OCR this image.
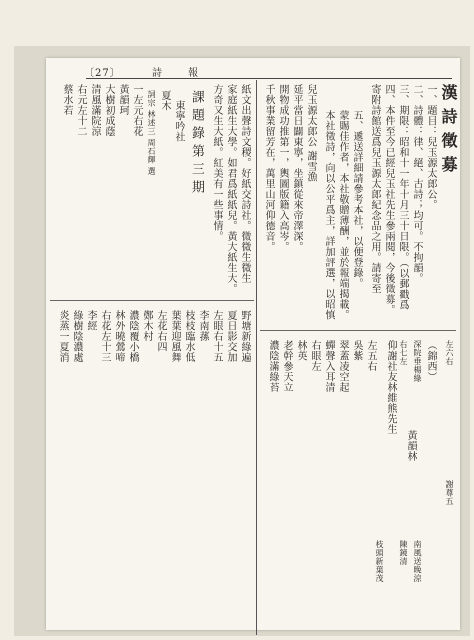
〔27〕	詩	報
漢詩徵募
一、題目：兒玉源太郎公。
二、詩體：律、絕、古詩；均可。不拘韻。
三、期限：昭和十一年十月三十日限。（以郵戳爲
四、本件至今已經兒玉社先生參兩閱，今後徵募。
寄附詩館送爲兒玉源太郎紀念品之用。請寄至
五、遞送詳細請參考本社，以便登錄。
蒙賜佳作者，本社敬贈薄酬，並於報端揭載。
本社徵詩，向以公平爲主，詳加評選，以昭慎
兒玉源太郎公 謝雪漁
延平當日闢東寧，坐鎮從來帝澤深。
開物成功推第一，輿圖版籍入高岑。
千秋事業留芳在，萬里山河仰德音。
（錦西）
黃韻林
仰謝社友林維熊先生
紙文出聲詩文稷。好紙交詩社。微微生微生
家庭紙生大學。如君爲紙紙兒。黃大紙生大。
方奇又生大紙。紅美有一些事情。
課題錄第三期
東寧吟社
夏木
詞宗 林述三 周石輝 選
一左元右花
黃韻珂
大樹初成蔭
清風滿院涼
右元左十二
蔡水若
野塘新綠遍
夏日影交加
左眼右十五
李南蓀
枝枝臨水低
葉葉迎風舞
左花右四
鄭木村
濃陰覆小橋
林外曉鶯啼
右花左十三
李經
綠樹陰濃處
炎蒸一夏消	左五右
吳紫
翠蓋凌空起
蟬聲入耳清
右眼左
林英
老幹參天立
濃陰滿綠苔	左六右
謝尊五
深院垂楊綠
南風送晚涼
右七左
陳鏡清
枝頭新葉茂
